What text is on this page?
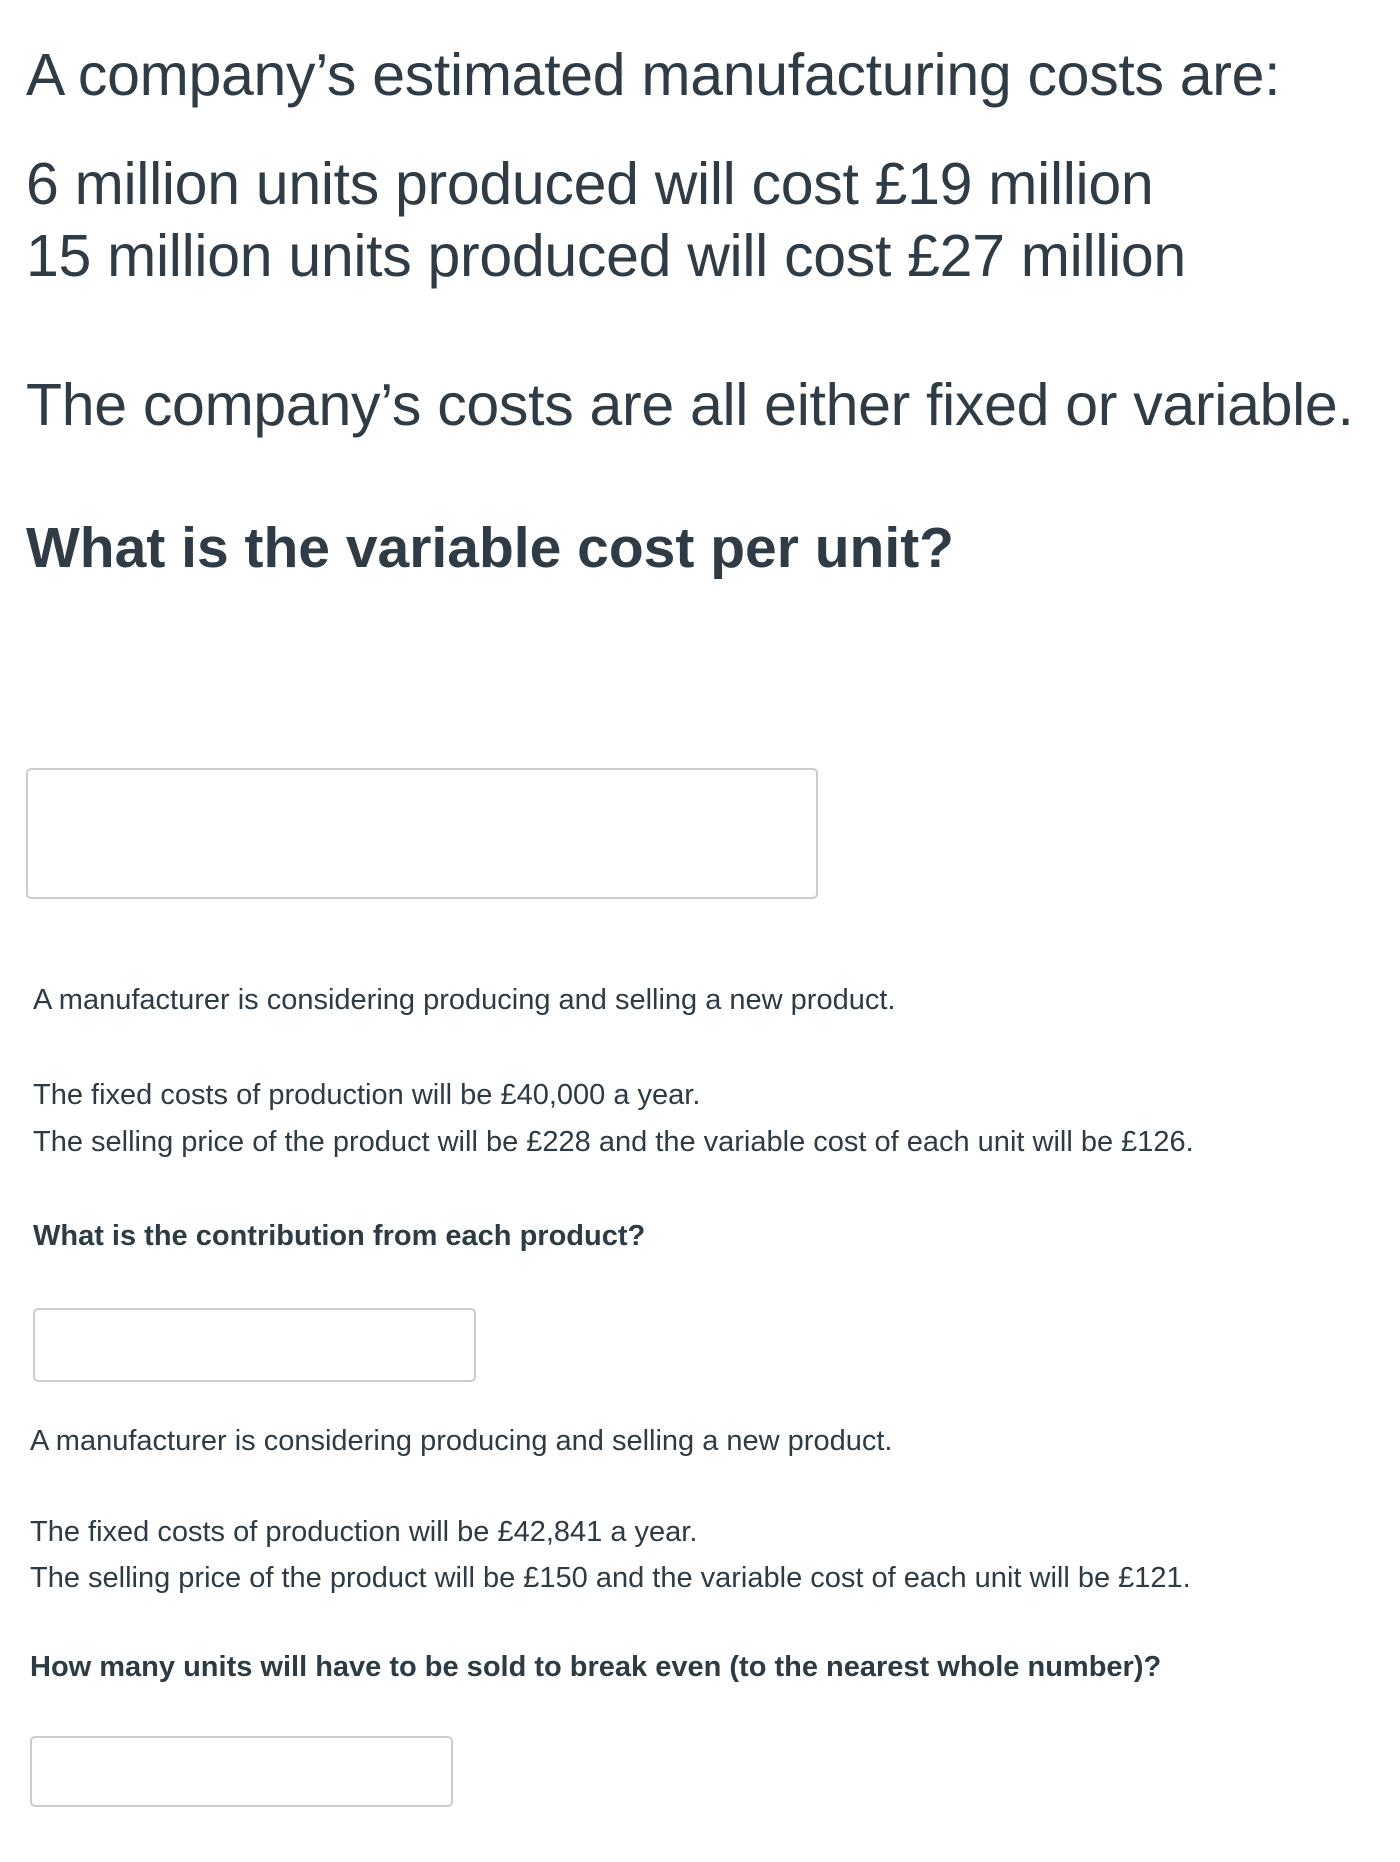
A company’s estimated manufacturing costs are:
6 million units produced will cost £19 million
15 million units produced will cost £27 million
The company’s costs are all either fixed or variable.
What is the variable cost per unit?
A manufacturer is considering producing and selling a new product.
The fixed costs of production will be £40,000 a year.
The selling price of the product will be £228 and the variable cost of each unit will be £126.
What is the contribution from each product?
A manufacturer is considering producing and selling a new product.
The fixed costs of production will be £42,841 a year.
The selling price of the product will be £150 and the variable cost of each unit will be £121.
How many units will have to be sold to break even (to the nearest whole number)?
